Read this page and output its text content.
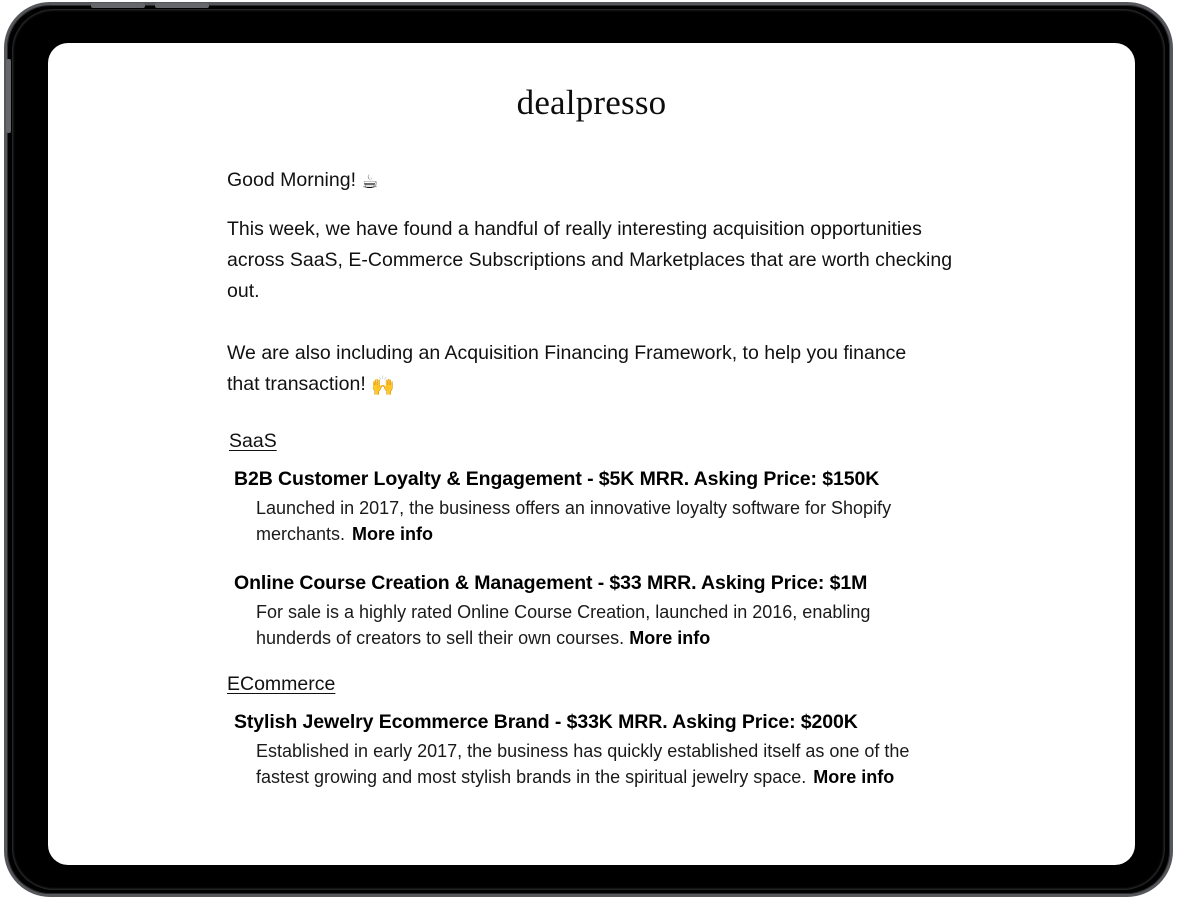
dealpresso

Good Morning! ☕

This week, we have found a handful of really interesting acquisition opportunities across SaaS, E-Commerce Subscriptions and Marketplaces that are worth checking out.

We are also including an Acquisition Financing Framework, to help you finance that transaction! 🙌

SaaS
B2B Customer Loyalty & Engagement - $5K MRR. Asking Price: $150K
Launched in 2017, the business offers an innovative loyalty software for Shopify merchants. More info
Online Course Creation & Management - $33 MRR. Asking Price: $1M
For sale is a highly rated Online Course Creation, launched in 2016, enabling hunderds of creators to sell their own courses. More info
ECommerce
Stylish Jewelry Ecommerce Brand - $33K MRR. Asking Price: $200K
Established in early 2017, the business has quickly established itself as one of the fastest growing and most stylish brands in the spiritual jewelry space. More info
